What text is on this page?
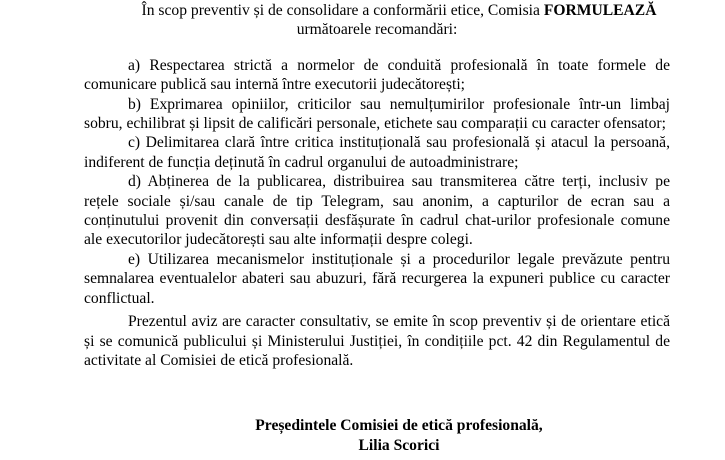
În scop preventiv și de consolidare a conformării etice, Comisia FORMULEAZĂ
următoarele recomandări:

a) Respectarea strictă a normelor de conduită profesională în toate formele de comunicare publică sau internă între executorii judecătorești;

b) Exprimarea opiniilor, criticilor sau nemulțumirilor profesionale într-un limbaj sobru, echilibrat și lipsit de calificări personale, etichete sau comparații cu caracter ofensator;

c) Delimitarea clară între critica instituțională sau profesională și atacul la persoană, indiferent de funcția deținută în cadrul organului de autoadministrare;

d) Abținerea de la publicarea, distribuirea sau transmiterea către terți, inclusiv pe rețele sociale și/sau canale de tip Telegram, sau anonim, a capturilor de ecran sau a conținutului provenit din conversații desfășurate în cadrul chat-urilor profesionale comune ale executorilor judecătorești sau alte informații despre colegi.

e) Utilizarea mecanismelor instituționale și a procedurilor legale prevăzute pentru semnalarea eventualelor abateri sau abuzuri, fără recurgerea la expuneri publice cu caracter conflictual.

Prezentul aviz are caracter consultativ, se emite în scop preventiv și de orientare etică și se comunică publicului și Ministerului Justiției, în condițiile pct. 42 din Regulamentul de activitate al Comisiei de etică profesională.

Președintele Comisiei de etică profesională,

Lilia Scorici
